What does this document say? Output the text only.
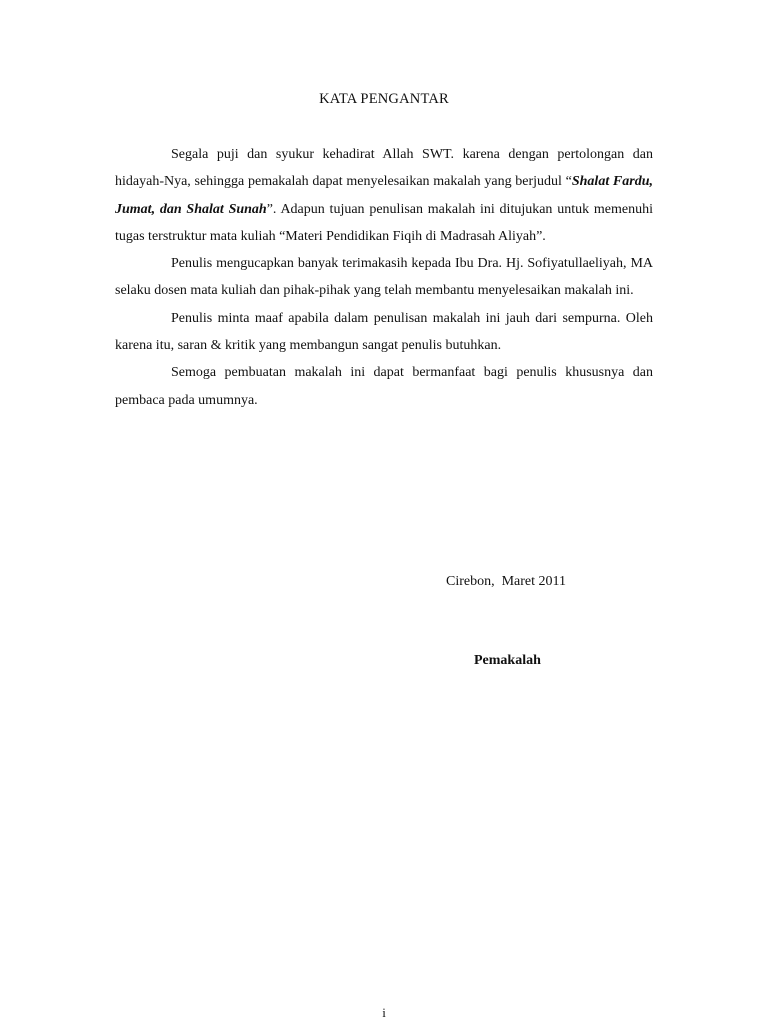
KATA PENGANTAR

Segala puji dan syukur kehadirat Allah SWT. karena dengan pertolongan dan hidayah-Nya, sehingga pemakalah dapat menyelesaikan makalah yang berjudul “Shalat Fardu, Jumat, dan Shalat Sunah”. Adapun tujuan penulisan makalah ini ditujukan untuk memenuhi tugas terstruktur mata kuliah “Materi Pendidikan Fiqih di Madrasah Aliyah”.

Penulis mengucapkan banyak terimakasih kepada Ibu Dra. Hj. Sofiyatullaeliyah, MA selaku dosen mata kuliah dan pihak-pihak yang telah membantu menyelesaikan makalah ini.

Penulis minta maaf apabila dalam penulisan makalah ini jauh dari sempurna. Oleh karena itu, saran & kritik yang membangun sangat penulis butuhkan.

Semoga pembuatan makalah ini dapat bermanfaat bagi penulis khususnya dan pembaca pada umumnya.

Cirebon,  Maret 2011
Pemakalah
i
